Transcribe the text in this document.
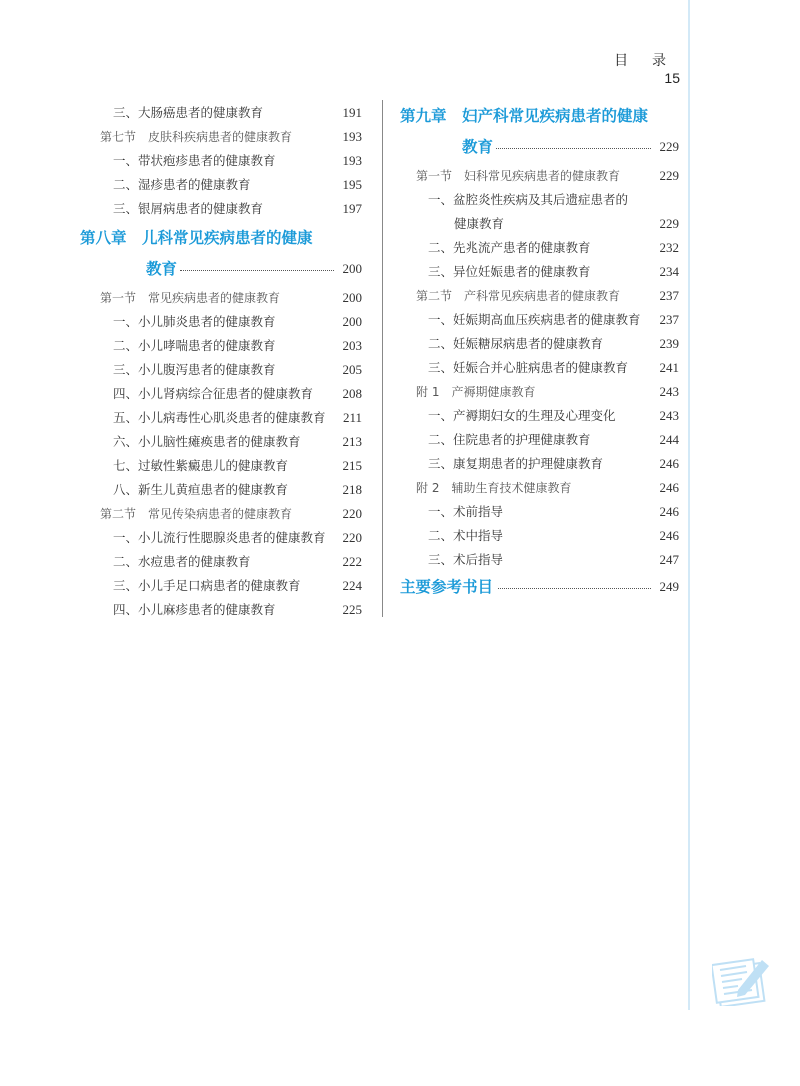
目 录15
三、大肠癌患者的健康教育	191
第七节　皮肤科疾病患者的健康教育	193
一、带状疱疹患者的健康教育	193
二、湿疹患者的健康教育	195
三、银屑病患者的健康教育	197
第八章　儿科常见疾病患者的健康
教育	200
第一节　常见疾病患者的健康教育	200
一、小儿肺炎患者的健康教育	200
二、小儿哮喘患者的健康教育	203
三、小儿腹泻患者的健康教育	205
四、小儿肾病综合征患者的健康教育 208
五、小儿病毒性心肌炎患者的健康教育 211
六、小儿脑性瘫痪患者的健康教育	213
七、过敏性紫癜患儿的健康教育	215
八、新生儿黄疸患者的健康教育	218
第二节　常见传染病患者的健康教育	220
一、小儿流行性腮腺炎患者的健康教育 220
二、水痘患者的健康教育	222
三、小儿手足口病患者的健康教育	224
四、小儿麻疹患者的健康教育	225
第九章　妇产科常见疾病患者的健康
教育	229
第一节　妇科常见疾病患者的健康教育	229
一、盆腔炎性疾病及其后遗症患者的
健康教育	229
二、先兆流产患者的健康教育	232
三、异位妊娠患者的健康教育	234
第二节　产科常见疾病患者的健康教育	237
一、妊娠期高血压疾病患者的健康教育 237
二、妊娠糖尿病患者的健康教育	239
三、妊娠合并心脏病患者的健康教育 241
附 1　产褥期健康教育	243
一、产褥期妇女的生理及心理变化	243
二、住院患者的护理健康教育	244
三、康复期患者的护理健康教育	246
附 2　辅助生育技术健康教育	246
一、术前指导	246
二、术中指导	246
三、术后指导	247
主要参考书目	249
